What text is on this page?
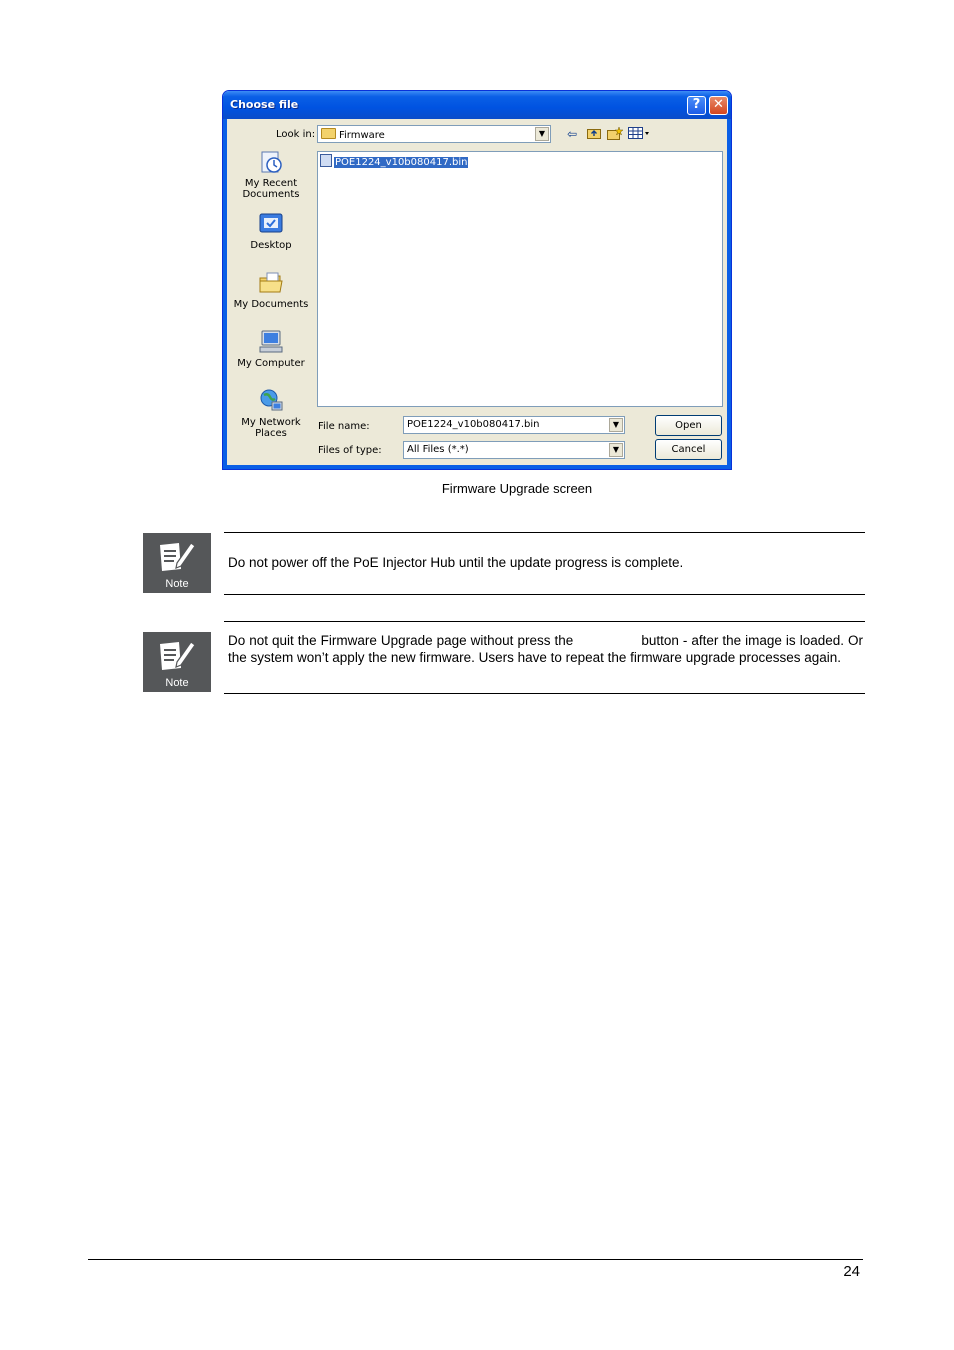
Choose file	? ✕
Look in:	Firmware	▼	⇦
My Recent
Documents
Desktop
My Documents
My Computer
My Network
Places
POE1224_v10b080417.bin
File name:	POE1224_v10b080417.bin	▼
Files of type:	All Files (*.*)	▼
Open
Cancel
Firmware Upgrade screen
Note
Do not power off the PoE Injector Hub until the update progress is complete.
Note
Do not quit the Firmware Upgrade page without press the                 button - after the image is loaded. Or the system won’t apply the new firmware. Users have to repeat the firmware upgrade processes again.
24
